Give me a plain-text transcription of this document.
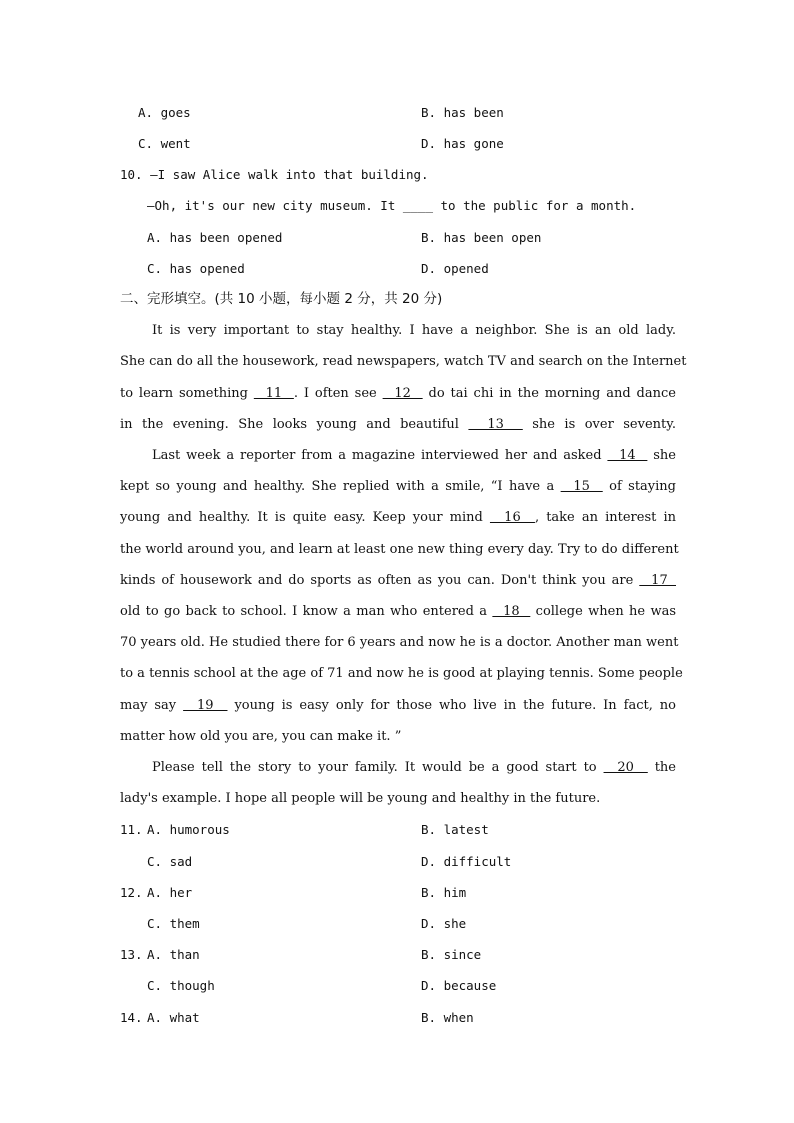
A. goes	B. has been
C. went	D. has gone
10. —I saw Alice walk into that building.
—Oh, it's our new city museum. It ____ to the public for a month.
A. has been opened	B. has been open
C. has opened	D. opened
二、完形填空。(共 10 小题，每小题 2 分，共 20 分)
It is very important to stay healthy. I have a neighbor. She is an old lady.
She can do all the housework, read newspapers, watch TV and search on the Internet
to learn something   11  . I often see   12   do tai chi in the morning and dance
in the evening. She looks young and beautiful   13   she is over seventy.
Last week a reporter from a magazine interviewed her and asked   14   she
kept so young and healthy. She replied with a smile, “I have a   15   of staying
young and healthy. It is quite easy. Keep your mind   16  , take an interest in
the world around you, and learn at least one new thing every day. Try to do different
kinds of housework and do sports as often as you can. Don't think you are   17
old to go back to school. I know a man who entered a   18   college when he was
70 years old. He studied there for 6 years and now he is a doctor. Another man went
to a tennis school at the age of 71 and now he is good at playing tennis. Some people
may say   19   young is easy only for those who live in the future. In fact, no
matter how old you are, you can make it. ”
Please tell the story to your family. It would be a good start to   20   the
lady's example. I hope all people will be young and healthy in the future.
11. A. humorous	B. latest
C. sad	D. difficult
12. A. her	B. him
C. them	D. she
13. A. than	B. since
C. though	D. because
14. A. what	B. when
